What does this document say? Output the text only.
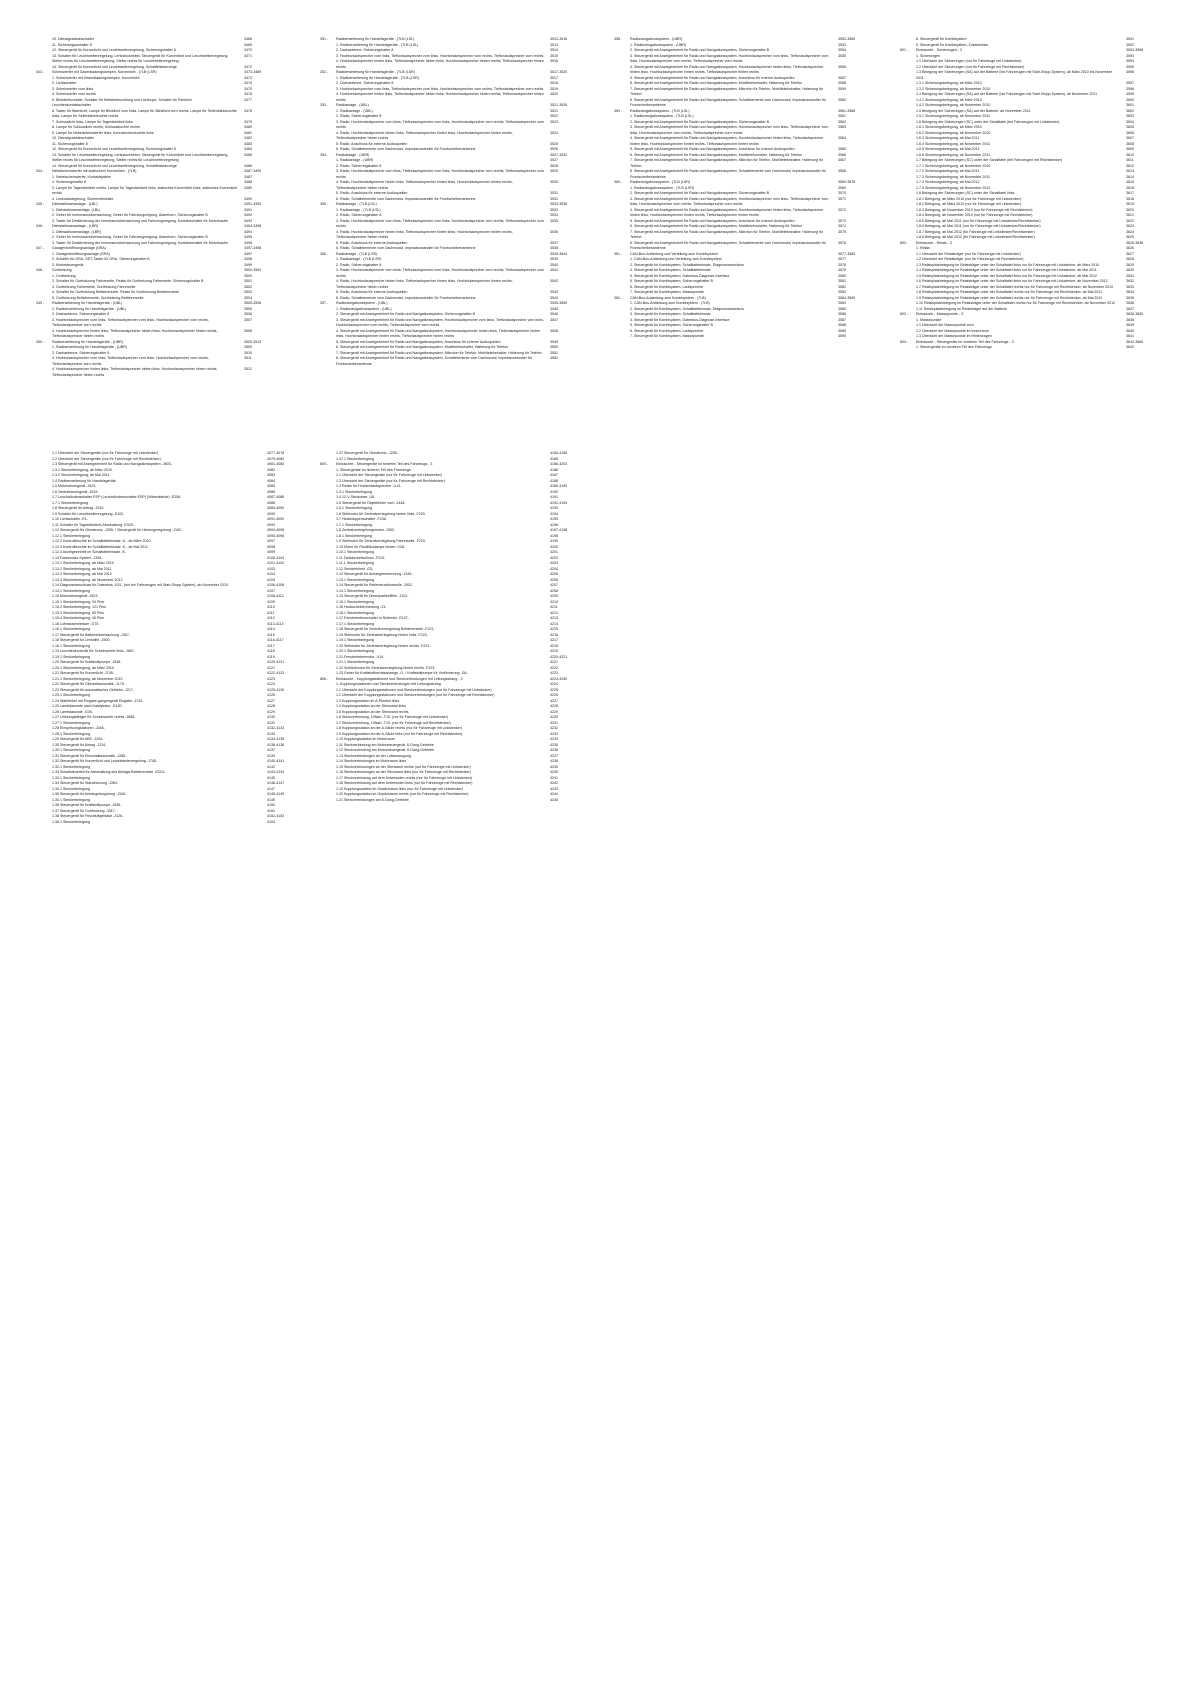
10. Dienstgradeabschalter	3466
11. Sicherungsanhalter 8	3469
12. Steuergerät für Kurvenlicht und Leuchtweitenregelung, Sicherungshalter 8	3470
13. Schalter für Leuchtweitenregelung, Lenkstockhebel, Steuergerät für Kurvenlicht und Leuchtweitenregelung, Steller rechts für Leuchtweitenregelung, Steller rechts für Leuchtweitenregelung
3471
14. Steuergerät für Kurvenlicht und Leuchtweitenregelung, Schaltleisteanzeige	3472
343 -	Scheinwerfer mit Gasentladungslampen, Kurvenlicht - (7LB (LSR)	3473-3489
1. Scheinwerfer mit Gasentladungslampen, Kurvenlicht	3473
2. Lichtschalter	3474
3. Scheinwerfer vorn links	3475
4. Scheinwerfer vorn rechts	3476
5. Blinklichtschalter, Schalter für Nebelbeleuchtung und Lichthupe, Schalter für Parklicht	3477
Leuchtenkontaktschalter
6. Taster für Warnlicht, Lampe für Blinklicht vorn links, Lampe für Blinklicht vorn rechts, Lampe für Seitenblinkleuchte links, Lampe für Seitenblinkleuchte rechts
3478
7. Schlusslicht links, Lampe für Tagesfahrlicht links	3479
8. Lampe für Schlusslicht rechts, Schlussleuchte rechts	3480
9. Lampe für Nebelscheinwerfer links, Kennzeichenleuchte links	3481
10. Dienstgradeabschalter	3482
11. Sicherungshalter 8	3483
12. Steuergerät für Kurvenlicht und Leuchtweitenregelung, Sicherungshalter 8	3484
13. Schalter für Leuchtweitenregelung, Lenkstockhebel, Steuergerät für Kurvenlicht und Leuchtweitenregelung, Steller rechts für Leuchtweitenregelung, Steller rechts für Leuchtweitenregelung
3485
14. Steuergerät für Kurvenlicht und Leuchtweitenregelung, Schaltleisteanzeige	3486
344 -	Nebelscheinwerfer mit statischem Kurvenlicht - (7LB)	3487-3490
1. Nebelscheinwerfer, Kontaktsystem	3487
2. Sicherungshalter 8	3488
3. Lampe für Tagesfahrlicht rechts, Lampe für Tagesfahrlicht links, statisches Kurvenlicht links, statisches Kurvenlicht rechts
3489
4. Lenkradwiegelung, Sicherheitsleiste	3490
345 -	Diebstahlwarnanlage - (LBL)	3491-3493
1. Diebstahlwarnanlage, (LBL)	3491
2. Geber für Innenraumüberwachung, Geber für Fahrzeugneigung, Alarmhorn, Sicherungshalter B	3492
3. Taster für Deaktivierung der Innenraumüberwachung und Fahrzeugneigung, Kontaktschalter für Motorhaube	3493
346 -	Diebstahlwarnanlage - (LBR)	3494-3496
1. Diebstahlwarnanlage, (LBR)	3494
2. Geber für Innenraumüberwachung, Geber für Fahrzeugneigung, Alarmhorn, Sicherungshalter B	3495
3. Taster für Deaktivierung der Innenraumüberwachung und Fahrzeugneigung, Kontaktschalter für Motorhaube	3496
347 -	Garagentoröffnungsanlage (GRA)	3497-3498
1. Garagentoröffnungsanlage (GRA)	3497
2. Schalter für GRA, GET-Taster für GRA, Sicherungshalter B	3498
3. Motorsteuergerät	3499
348 -	Gurtheizung	3500-3504
1. Gurtheizung	3500
2. Schalter für Gurtheizung Fahrerseite, Relais für Gurtheizung Fahrerseite, Sicherungshalter B	3501
3. Gurtheizung Fahrerseite, Gurtheizung Fahrerseite	3502
4. Schalter für Gurtheizung Beifahrerseite, Relais für Gurtheizung Beifahrerseite	3503
5. Gurtheizung Beifahrerseite, Gurtheizung Beifahrerseite	3504
349 -	Radioerweiterung für Handelsgeräte - (UBL)	3505-3508
1. Radioerweiterung für Handelsgeräte - (UBL)	3505
2. Dachantenne, Sicherungshalter 8	3506
3. Hochtonlautsprecher vorn links, Tieftonlautsprecher vorn links, Hochtonlautsprecher vorn rechts, Tieftonlautsprecher vorn rechts
3507
4. Hochtonlautsprecher hinten links, Tieftonlautsprecher hinten links, Hochtonlautsprecher hinten rechts, Tieftonlautsprecher hinten rechts
3508
350 -	Radioerweiterung für Handelsgeräte - (UBR)	3509-3512
1. Radioerweiterung für Handelsgeräte - (UBR)	3509
2. Dachantenne, Sicherungshalter 8	3510
3. Hochtonlautsprecher vorn links, Tieftonlautsprecher vorn links, Hochtonlautsprecher vorn rechts, Tieftonlautsprecher vorn rechts
3511
4. Hochtonlautsprecher hinten links, Tieftonlautsprecher hinten links, Hochtonlautsprecher hinten rechts, Tieftonlautsprecher hinten rechts
3512
351 -	Radioerweiterung für Handelsgeräte - (7LB (LSL)	3513-3516
1. Radioerweiterung für Handelsgeräte - (7LB (LSL)	3513
2. Dachantenne, Sicherungshalter 8	3514
3. Hochtonlautsprecher vorn links, Tieftonlautsprecher vorn links, Hochtonlautsprecher vorn rechts, Tieftonlautsprecher vorn rechts	3515
4. Hochtonlautsprecher hinten links, Tieftonlautsprecher hinten links, Hochtonlautsprecher hinten rechts, Tieftonlautsprecher hinten rechts
3516
352 -	Radioerweiterung für Handelsgeräte - (7LB (LSR)	3517-3520
1. Radioerweiterung für Handelsgeräte - (7LB (LSR)	3517
2. Dachantenne, Sicherungshalter 8	3518
3. Hochtonlautsprecher vorn links, Tieftonlautsprecher vorn links, Hochtonlautsprecher vorn rechts, Tieftonlautsprecher vorn rechts	3519
4. Hochtonlautsprecher hinten links, Tieftonlautsprecher hinten links, Hochtonlautsprecher hinten rechts, Tieftonlautsprecher hinten rechts
3520
353 -	Radioanlage - (UBL)	3521-3526
1. Radioanlage - (UBL)	3521
2. Radio, Sicherungshalter 8	3522
3. Radio, Hochtonlautsprecher vorn links, Tieftonlautsprecher vorn links, Hochtonlautsprecher vorn rechts, Tieftonlautsprecher vorn rechts
3523
4. Radio, Hochtonlautsprecher hinten links, Tieftonlautsprecher hinten links, Hochtonlautsprecher hinten rechts, Tieftonlautsprecher hinten rechts
3524
5. Radio, Anschluss für externe Audioquellen	3525
6. Radio, Schaltelemente vom Dachmodul, Impedanzwandler für Frontscheibenantenne	3526
354 -	Radioanlage - (UBR)	3527-3532
1. Radioanlage - (UBR)	3527
2. Radio, Sicherungshalter 8	3528
3. Radio, Hochtonlautsprecher vorn links, Tieftonlautsprecher vorn links, Hochtonlautsprecher vorn rechts, Tieftonlautsprecher vorn rechts
3529
4. Radio, Hochtonlautsprecher hinten links, Tieftonlautsprecher hinten links, Hochtonlautsprecher hinten rechts, Tieftonlautsprecher hinten rechts
3530
5. Radio, Anschluss für externe Audioquellen	3531
6. Radio, Schaltelemente vom Dachmodul, Impedanzwandler für Frontscheibenantenne	3532
355 -	Radioanlage - (7LB (LSL)	3533-3538
1. Radioanlage - (7LB (LSL)	3533
2. Radio, Sicherungshalter 8	3534
3. Radio, Hochtonlautsprecher vorn links, Tieftonlautsprecher vorn links, Hochtonlautsprecher vorn rechts, Tieftonlautsprecher vorn rechts
3535
4. Radio, Hochtonlautsprecher hinten links, Tieftonlautsprecher hinten links, Hochtonlautsprecher hinten rechts, Tieftonlautsprecher hinten rechts
3536
5. Radio, Anschluss für externe Audioquellen	3537
6. Radio, Schaltelemente vom Dachmodul, Impedanzwandler für Frontscheibenantenne	3538
356 -	Radioanlage - (7LB (LSR)	3539-3544
1. Radioanlage - (7LB (LSR)	3539
2. Radio, Sicherungshalter 8	3540
3. Radio, Hochtonlautsprecher vorn links, Tieftonlautsprecher vorn links, Hochtonlautsprecher vorn rechts, Tieftonlautsprecher vorn rechts
3541
4. Radio, Hochtonlautsprecher hinten links, Tieftonlautsprecher hinten links, Hochtonlautsprecher hinten rechts, Tieftonlautsprecher hinten rechts
3542
5. Radio, Anschluss für externe Audioquellen	3543
6. Radio, Schaltelemente vom Dachmodul, Impedanzwandler für Frontscheibenantenne	3544
357 -	Radionavigationssystem - (UBL)	3545-3550
1. Radionavigationssystem - (UBL)	3545
2. Steuergerät mit Anzeigeeinheit für Radio und Navigationssystem, Sicherungshalter B	3546
3. Steuergerät mit Anzeigeeinheit für Radio und Navigationssystem, Hochtonlautsprecher vorn links, Tieftonlautsprecher vorn links, Hochtonlautsprecher vorn rechts, Tieftonlautsprecher vorn rechts
3547
4. Steuergerät mit Anzeigeeinheit für Radio und Navigationssystem, Hochtonlautsprecher hinten links, Tieftonlautsprecher hinten links, Hochtonlautsprecher hinten rechts, Tieftonlautsprecher hinten rechts
3548
5. Steuergerät mit Anzeigeeinheit für Radio und Navigationssystem, Anschluss für externe Audioquellen	3549
6. Steuergerät mit Anzeigeeinheit für Radio und Navigationssystem, Mobiltelefonhalter, Halterung für Telefon	3550
7. Steuergerät mit Anzeigeeinheit für Radio und Navigationssystem, Mikrofon für Telefon, Mobiltelefonhalter, Halterung für Telefon	3551
8. Steuergerät mit Anzeigeeinheit für Radio und Navigationssystem, Schaltelemente vom Dachmodul, Impedanzwandler für Frontscheibenantenne
3552
358 -	Radionavigationssystem - (UBR)	3553-3560
1. Radionavigationssystem - (UBR)	3553
2. Steuergerät mit Anzeigeeinheit für Radio und Navigationssystem, Sicherungshalter B	3554
3. Steuergerät mit Anzeigeeinheit für Radio und Navigationssystem, Hochtonlautsprecher vorn links, Tieftonlautsprecher vorn links, Hochtonlautsprecher vorn rechts, Tieftonlautsprecher vorn rechts
3555
4. Steuergerät mit Anzeigeeinheit für Radio und Navigationssystem, Hochtonlautsprecher hinten links, Tieftonlautsprecher hinten links, Hochtonlautsprecher hinten rechts, Tieftonlautsprecher hinten rechts
3556
5. Steuergerät mit Anzeigeeinheit für Radio und Navigationssystem, Anschluss für externe Audioquellen	3557
6. Steuergerät mit Anzeigeeinheit für Radio und Navigationssystem, Mobiltelefonhalter, Halterung für Telefon	3558
7. Steuergerät mit Anzeigeeinheit für Radio und Navigationssystem, Mikrofon für Telefon, Mobiltelefonhalter, Halterung für Telefon
3559
8. Steuergerät mit Anzeigeeinheit für Radio und Navigationssystem, Schaltelemente vom Dachmodul, Impedanzwandler für Frontscheibenantenne
3560
359 -	Radionavigationssystem - (7LB (LSL)	3561-3568
1. Radionavigationssystem - (7LB (LSL)	3561
2. Steuergerät mit Anzeigeeinheit für Radio und Navigationssystem, Sicherungshalter B	3562
3. Steuergerät mit Anzeigeeinheit für Radio und Navigationssystem, Hochtonlautsprecher vorn links, Tieftonlautsprecher vorn links, Hochtonlautsprecher vorn rechts, Tieftonlautsprecher vorn rechts
3563
4. Steuergerät mit Anzeigeeinheit für Radio und Navigationssystem, Hochtonlautsprecher hinten links, Tieftonlautsprecher hinten links, Hochtonlautsprecher hinten rechts, Tieftonlautsprecher hinten rechts
3564
5. Steuergerät mit Anzeigeeinheit für Radio und Navigationssystem, Anschluss für externe Audioquellen	3565
6. Steuergerät mit Anzeigeeinheit für Radio und Navigationssystem, Mobiltelefonhalter, Halterung für Telefon	3566
7. Steuergerät mit Anzeigeeinheit für Radio und Navigationssystem, Mikrofon für Telefon, Mobiltelefonhalter, Halterung für Telefon
3567
8. Steuergerät mit Anzeigeeinheit für Radio und Navigationssystem, Schaltelemente vom Dachmodul, Impedanzwandler für Frontscheibenantenne
3568
360 -	Radionavigationssystem - (7LB (LSR)	3569-3576
1. Radionavigationssystem - (7LB (LSR)	3569
2. Steuergerät mit Anzeigeeinheit für Radio und Navigationssystem, Sicherungshalter B	3570
3. Steuergerät mit Anzeigeeinheit für Radio und Navigationssystem, Hochtonlautsprecher vorn links, Tieftonlautsprecher vorn links, Hochtonlautsprecher vorn rechts, Tieftonlautsprecher vorn rechts
3571
4. Steuergerät mit Anzeigeeinheit für Radio und Navigationssystem, Hochtonlautsprecher hinten links, Tieftonlautsprecher hinten links, Hochtonlautsprecher hinten rechts, Tieftonlautsprecher hinten rechts
3572
5. Steuergerät mit Anzeigeeinheit für Radio und Navigationssystem, Anschluss für externe Audioquellen	3573
6. Steuergerät mit Anzeigeeinheit für Radio und Navigationssystem, Mobiltelefonhalter, Halterung für Telefon	3574
7. Steuergerät mit Anzeigeeinheit für Radio und Navigationssystem, Mikrofon für Telefon, Mobiltelefonhalter, Halterung für Telefon
3575
8. Steuergerät mit Anzeigeeinheit für Radio und Navigationssystem, Schaltelemente vom Dachmodul, Impedanzwandler für Frontscheibenantenne
3576
361 -	CAN-Bus-Anbindung und Verteilung zum Kombisystem	3577-3583
1. CAN-Bus-Anbindung und Verteilung zum Kombisystem	3577
2. Steuergerät für Kombisystem, Schalttafeleinsatz, Diagnoseanschluss	3578
3. Steuergerät für Kombisystem, Schalttafeleinsatz	3579
4. Steuergerät für Kombisystem, Datenbus-Diagnose-Interface	3580
5. Steuergerät für Kombisystem, Sicherungshalter B	3581
6. Steuergerät für Kombisystem, Lautsprecher	3582
7. Steuergerät für Kombisystem, Massepunkte	3583
362 -	CAN-Bus-Anbindung zum Kombisystem - (7LB)	3584-3590
1. CAN-Bus-Anbindung zum Kombisystem - (7LB)	3584
2. Steuergerät für Kombisystem, Schalttafeleinsatz, Diagnoseanschluss	3585
3. Steuergerät für Kombisystem, Schalttafeleinsatz	3586
4. Steuergerät für Kombisystem, Datenbus-Diagnose-Interface	3587
5. Steuergerät für Kombisystem, Sicherungshalter B	3588
6. Steuergerät für Kombisystem, Lautsprecher	3589
7. Steuergerät für Kombisystem, Massepunkte	3590
8. Steuergerät für Kombisystem	3591
9. Steuergerät für Kombisystem, Zusatzrelais	3592
801 -	Einbauorte - Sicherungen - 3	3593-3598
1. Sicherungen	3593
1.1 Übersicht der Sicherungen (nur für Fahrzeuge mit Linkslenker)	3594
1.2 Übersicht der Sicherungen (nur für Fahrzeuge mit Rechtslenker)	3595
1.3 Belegung der Sicherungen (SA) auf der Batterie (bei Fahrzeugen mit Start-Stopp-System), ab März 2010 bis November 2011
3596
1.3.1 Sicherungsbelegung, ab März 2010	3597
1.3.2 Sicherungsbelegung, ab November 2010	3598
1.4 Belegung der Sicherungen (SA) auf der Batterie (bei Fahrzeugen mit Start-Stopp-System), ab November 2011	3599
1.4.1 Sicherungsbelegung, ab März 2010	3600
1.4.2 Sicherungsbelegung, ab November 2010	3601
1.5 Belegung der Sicherungen (SA) auf der Batterie, ab November 2011	3602
1.5.1 Sicherungsbelegung, ab November 2011	3603
1.6 Belegung der Sicherungen (SC) unter der Schalttafel (bei Fahrzeugen mit Linkslenker)	3604
1.6.1 Sicherungsbelegung, ab März 2010	3605
1.6.2 Sicherungsbelegung, ab November 2010	3606
1.6.3 Sicherungsbelegung, ab Mai 2011	3607
1.6.4 Sicherungsbelegung, ab November 2011	3608
1.6.5 Sicherungsbelegung, ab Mai 2012	3609
1.6.6 Sicherungsbelegung, ab November 2012	3610
1.7 Belegung der Sicherungen (SC) unter der Schalttafel (bei Fahrzeugen mit Rechtslenker)	3611
1.7.1 Sicherungsbelegung, ab November 2010	3612
1.7.2 Sicherungsbelegung, ab Mai 2011	3613
1.7.3 Sicherungsbelegung, ab November 2011	3614
1.7.4 Sicherungsbelegung, ab Mai 2012	3615
1.7.5 Sicherungsbelegung, ab November 2012	3616
1.8 Belegung der Sicherungen (SC) unter der Schalttafel links	3617
1.8.1 Belegung, ab März 2010 (nur für Fahrzeuge mit Linkslenker)	3618
1.8.2 Belegung, ab März 2010 (nur für Fahrzeuge mit Linkslenker)	3619
1.8.3 Belegung, ab November 2010 (nur für Fahrzeuge mit Rechtslenker)	3620
1.8.4 Belegung, ab November 2010 (nur für Fahrzeuge mit Rechtslenker)	3621
1.8.5 Belegung, ab Mai 2011 (nur für Fahrzeuge mit Linkslenker/Rechtslenker)	3622
1.8.6 Belegung, ab Mai 2011 (nur für Fahrzeuge mit Linkslenker/Rechtslenker)	3623
1.8.7 Belegung, ab Mai 2012 (für Fahrzeuge mit Linkslenker/Rechtslenker)	3624
1.8.8 Belegung, ab Mai 2012 (für Fahrzeuge mit Linkslenker/Rechtslenker)	3625
802 -	Einbauorte - Relais - 3	3626-3638
1. Relais	3626
1.1 Übersicht der Relaisträger (nur für Fahrzeuge mit Linkslenker)	3627
1.2 Übersicht der Relaisträger (nur für Fahrzeuge mit Rechtslenker)	3628
1.3 Relaisplatzbelegung im Relaisträger unter der Schalttafel links nur für Fahrzeuge mit Linkslenker, ab März 2010	3629
1.4 Relaisplatzbelegung im Relaisträger unter der Schalttafel links nur für Fahrzeuge mit Linkslenker, ab Mai 2011	3630
1.5 Relaisplatzbelegung im Relaisträger unter der Schalttafel links nur für Fahrzeuge mit Linkslenker, ab Mai 2012	3631
1.6 Relaisplatzbelegung im Relaisträger unter der Schalttafel links nur für Fahrzeuge mit Linkslenker, ab November 2012	3632
1.7 Relaisplatzbelegung im Relaisträger unter der Schalttafel rechts nur für Fahrzeuge mit Rechtslenker, ab November 2010	3633
1.8 Relaisplatzbelegung im Relaisträger unter der Schalttafel rechts nur für Fahrzeuge mit Rechtslenker, ab Mai 2011	3634
1.9 Relaisplatzbelegung im Relaisträger unter der Schalttafel rechts nur für Fahrzeuge mit Rechtslenker, ab Mai 2012	3635
1.10 Relaisplatzbelegung im Relaisträger unter der Schalttafel rechts nur für Fahrzeuge mit Rechtslenker, ab November 2012	3636
1.11 Relaisplatzbelegung im Relaisträger auf der Batterie	3637
803 -	Einbauorte - Massepunkte - 3	3638-3650
1. Massepunkte	3638
1.1 Übersicht der Massepunkte vorn	3639
1.2 Übersicht der Massepunkte im Innenraum	3640
1.3 Übersicht der Massepunkte im Hinterwagen	3641
804 -	Einbauorte - Steuergeräte im vorderen Teil des Fahrzeugs - 3	3642-3665
1. Steuergeräte im vorderen Teil des Fahrzeugs	3642
1.1 Übersicht der Steuergeräte (nur für Fahrzeuge mit Linkslenker)	4077-4078
1.2 Übersicht der Steuergeräte (nur für Fahrzeuge mit Rechtslenker)	4079-4080
1.3 Steuergerät mit Anzeigeeinheit für Radio und Navigationssystem -J503-	4081-4083
1.3.1 Steckerbelegung, ab März 2010	4082
1.3.2 Steckerbelegung, ab Mai 2011	4083
1.4 Radioerweiterung für Handelsgeräte	4084
1.5 Motorsteuergerät -J623-	4085
1.6 Zentralsteuergerät -J519-	4086
1.7 Leuchtdiodenschalter ESP (Leuchtdiodenschalter ESP) (Widerstände) -E256-	4087-4088
1.7.1 Steckerbelegung	4088
1.8 Steuergerät für Airbag -J234-	4089-4090
1.9 Schalter für Leuchtweitenregelung -E102-	4090
1.10 Lichtschalter -E1-	4091-4092
1.11 Schalter für Tagesfahrlicht-Abschaltung -E329-	4093
1.12 Steuergerät für Climatronic -J255- / Steuergerät für Heizungsregelung -J162-	4094-4098
1.12.1 Steckerbelegung	4095-4096
1.12.2 Kontrollleuchte im Schalttafeleinsatz -K-, ab März 2010	4097
1.12.3 Kontrollleuchte im Schalttafeleinsatz -K-, ab Mai 2011	4098
1.12.4 Anzeigeeinheit im Schalttafeleinsatz -K-	4099
1.13 Dachmodul-System -J394-	4100-4104
1.13.1 Steckerbelegung, ab März 2010	4101-4102
1.13.2 Steckerbelegung, ab Mai 2011	4103
1.13.3 Steckerbelegung, ab Mai 2012	4104
1.13.4 Steckerbelegung, ab November 2012	4105
1.14 Diagnoseanschluss für Datenbus -U31- (nur bei Fahrzeugen mit Start-Stopp-System), ab November 2010	4106-4108
1.14.1 Steckerbelegung	4107
1.15 Motorsteuergerät -J623-	4108-4112
1.15.1 Steckerbelegung, 94 Pins	4109
1.15.2 Steckerbelegung, 121 Pins	4110
1.15.3 Steckerbelegung, 60 Pins	4111
1.15.4 Steckerbelegung, 40 Pins	4112
1.16 Lufmassenmesser -G70-	4113-4114
1.16.1 Steckerbelegung	4114
1.17 Steuergerät für Batterieüberwachung -J367-	4115
1.18 Steuergerät für Lenkhilfe -J500-	4116-4117
1.18.1 Steckerbelegung	4117
1.19 Leuchtenkontrolle für Scheinwerfer links -J667-	4118
1.19.1 Steckerbelegung	4119
1.20 Steuergerät für Kraftstoffpumpe -J538-	4120-4121
1.20.1 Steckerbelegung, ab März 2010	4121
1.21 Steuergerät für Kurvenlicht -J745-	4122-4123
1.21.1 Steckerbelegung, ab November 2010	4123
1.22 Steuergerät für Glühzeitautomatik -J179-	4124
1.23 Steuergerät für automatisches Getriebe -J217-	4125-4126
1.23.1 Steckerbelegung	4126
1.24 Wahlhebel mit Eingabe-gangesgerät Eingabe -J743-	4127
1.25 Lambdasonde nach Katalysator -G130-	4128
1.26 Lambdasonde -G39-	4129
1.27 Leistungsfähiger für Scheinwerfer rechts -J668-	4130
1.27.1 Steckerbelegung	4131
1.28 Einspritzungsaktoren -J248-	4132-4133
1.28.1 Steckerbelegung	4133
1.29 Steuergerät für ABS -J104-	4134-4135
1.30 Steuergerät für Airbag -J234-	4136-4138
1.30.1 Steckerbelegung	4137
1.31 Steuergerät für Einschaltautomatik -J285-	4139
1.32 Steuergerät für Kurvenlicht und Leuchtweitenregelung -J745-	4140-4141
1.32.1 Steckerbelegung	4142
1.33 Schaltsteuerteil für Abschaltung des Airbags Beifahrerseite -E224-	4143-4144
1.33.1 Steckerbelegung	4145
1.34 Steuergerät für Standheizung -J364-	4146-4147
1.34.1 Steckerbelegung	4147
1.35 Steuergerät für Anhängerkupplung -J345-	4148-4149
1.35.1 Steckerbelegung	4149
1.36 Steuergerät für Kraftstoffpumpe -J538-	4150
1.37 Steuergerät für Gurtheizung -J347-	4151
1.38 Steuergerät für Frischluftgebläse -J126-	4152-4153
1.38.1 Steckerbelegung	4153
1.47 Steuergerät für Climatronic -J255-	4184-4185
1.47.1 Steckerbelegung	4185
805 -	Einbauorte - Steuergeräte im hinteren Teil des Fahrzeugs - 3	4186-4203
1. Steuergeräte im hinteren Teil des Fahrzeugs	4186
1.1 Übersicht der Steuergeräte (nur für Fahrzeuge mit Linkslenker)	4187
1.2 Übersicht der Steuergeräte (nur für Fahrzeuge mit Rechtslenker)	4188
1.3 Relais für Hochtonlautsprecher -U13-	4189-4190
1.3.1 Steckerbelegung	4190
1.4 12-V-Steckdose -U5-	4191
1.5 Steuergerät für Objektfühler vorn -J446-	4192-4193
1.5.1 Steckerbelegung	4193
1.6 Stellmotor für Zentralverriegelung hinten links -F220-	4194
1.7 Heckklappenschalter -F248-	4195
1.7.1 Steckerbelegung	4196
1.8 Zentralverriegelungsmotor -J393-	4197-4198
1.8.1 Steckerbelegung	4198
1.9 Stellmotor für Zentralverriegelung Fahrerseite -F220-	4199
1.10 Motor für Rückblicklampe hinten -V28-	4200
1.10.1 Steckerbelegung	4201
1.11 Tankdeckelschloss -F219-	4202
1.11.1 Steckerbelegung	4203
1.12 Sendeeinheit -G3-	4204
1.13 Steuergerät für Anhängererkennung -J345-	4205
1.13.1 Steckerbelegung	4206
1.14 Steuergerät für Reifendruckkontrolle -J502-	4207
1.14.1 Steckerbelegung	4208
1.15 Steuergerät für Dieselpartikelfilter -J112-	4209
1.15.1 Steckerbelegung	4210
1.16 Heckscheibenheizung -Z1-	4211
1.16.1 Steckerbelegung	4212
1.17 Fensterheberschalter in Seitentür -E107-	4213
1.17.1 Steckerbelegung	4214
1.18 Steuergerät für Zentralverriegelung Beifahrerseite -F221-	4215
1.19 Stellmotor für Zentralverriegelung hinten links -F222-	4216
1.19.1 Steckerbelegung	4217
1.20 Stellmotor für Zentralverriegelung hinten rechts -F223-	4218
1.20.1 Steckerbelegung	4219
1.21 Fensterhebermotor -V14-	4220-4221
1.21.1 Steckerbelegung	4221
1.22 Schließmotor für Zentralverriegelung hinten rechts -F223-	4222
1.23 Geber für Kraftstoffvorratsanzeige -G- / Kraftstoffpumpe für Vorförderung -G6-	4223
806 -	Einbauorte - Kupplungsstationen und Steckverbindungen mit Leitungsstrang - 3	4224-4250
1. Kupplungsstationen und Steckverbindungen mit Leitungsstrang	4224
1.1 Übersicht der Kupplungsstationen und Steckverbindungen (nur für Fahrzeuge mit Linkslenker)	4225
1.2 Übersicht der Kupplungsstationen und Steckverbindungen (nur für Fahrzeuge mit Rechtslenker)	4226
1.3 Kupplungsstation im A-Pfosten links	4227
1.4 Kupplungsstation an der Stirnwand links	4228
1.5 Kupplungsstation an der Stirnwand rechts	4229
1.6 Steckverbindung, 10fach -T10- (nur für Fahrzeuge mit Linkslenker)	4230
1.7 Steckverbindung, 10fach -T10- (nur für Fahrzeuge mit Rechtslenker)	4231
1.8 Kupplungsstation an der A-Säule rechts (nur für Fahrzeuge mit Linkslenker)	4232
1.9 Kupplungsstation an der A-Säule links (nur für Fahrzeuge mit Rechtslenker)	4233
1.10 Kupplungsstation im Motorraum	4234
1.11 Steckverbindung am Motorsteuergerät, 8-Gang-Getriebe	4235
1.12 Steckverbindung am Motorsteuergerät, 6-Gang-Getriebe	4236
1.13 Steckverbindungen an der Luftansaugung	4237
1.14 Steckverbindungen im Motorraum links	4238
1.15 Steckverbindungen an der Stirnwand rechts (nur für Fahrzeuge mit Linkslenker)	4239
1.16 Steckverbindungen an der Stirnwand links (nur für Fahrzeuge mit Rechtslenker)	4240
1.17 Steckverbindung auf dem Unterboden rechts (nur für Fahrzeuge mit Linkslenker)	4241
1.18 Steckverbindung auf dem Unterboden links (nur für Fahrzeuge mit Rechtslenker)	4242
1.19 Kupplungsstation im Gepäckraum links (nur für Fahrzeuge mit Linkslenker)	4243
1.20 Kupplungsstation im Gepäckraum rechts (nur für Fahrzeuge mit Rechtslenker)	4244
1.21 Steckverbindungen am 8-Gang-Getriebe	4245
